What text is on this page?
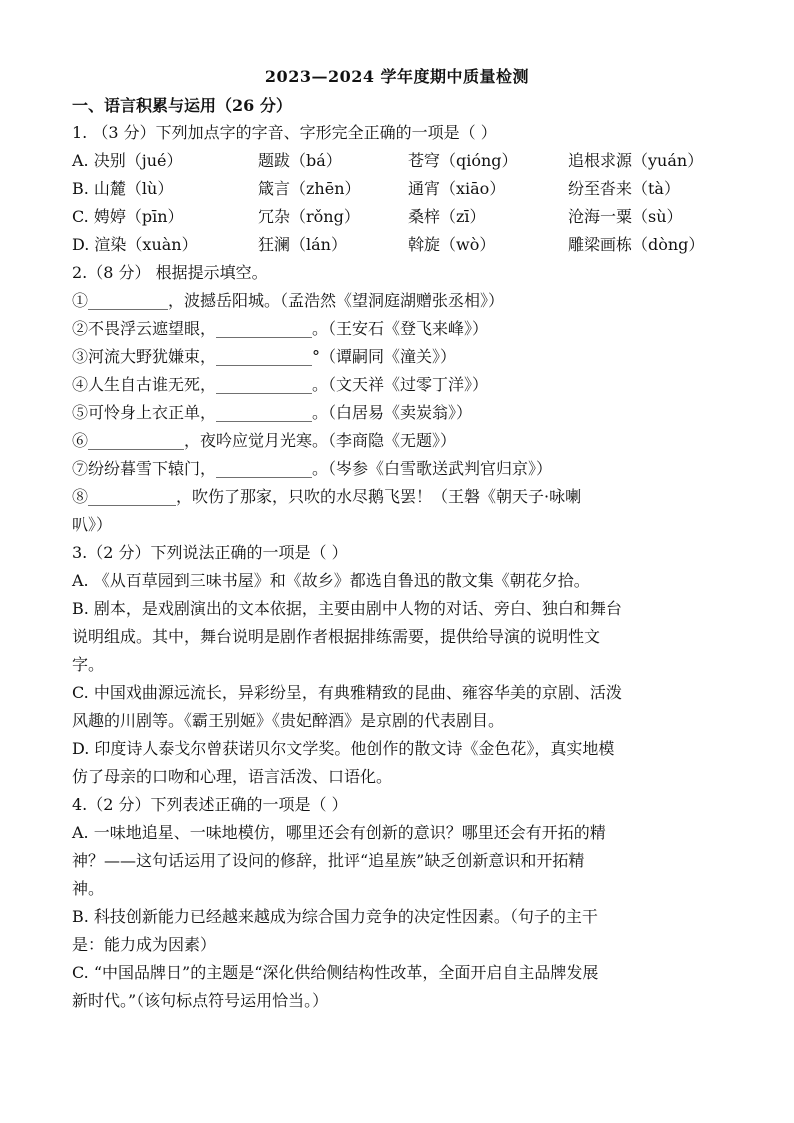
2023—2024 学年度期中质量检测
一、语言积累与运用（26 分）
1. （3 分）下列加点字的字音、字形完全正确的一项是（ ）
A. 决别（jué）	题跋（bá）	苍穹（qióng）	追根求源（yuán）
B. 山麓（lù）	箴言（zhēn）	通宵（xiāo）	纷至沓来（tà）
C. 娉婷（pīn）	冗杂（rǒng）	桑梓（zī）	沧海一粟（sù）
D. 渲染（xuàn）	狂澜（lán）	斡旋（wò）	雕梁画栋（dòng）
2.（8 分） 根据提示填空。
①__________，波撼岳阳城。（孟浩然《望洞庭湖赠张丞相》）
②不畏浮云遮望眼，____________。（王安石《登飞来峰》）
③河流大野犹嫌束，____________°（谭嗣同《潼关》）
④人生自古谁无死，____________。（文天祥《过零丁洋》）
⑤可怜身上衣正单，____________。（白居易《卖炭翁》）
⑥____________，夜吟应觉月光寒。（李商隐《无题》）
⑦纷纷暮雪下辕门，____________。（岑参《白雪歌送武判官归京》）
⑧___________，吹伤了那家，只吹的水尽鹅飞罢！（王磐《朝天子·咏喇
叭》）
3.（2 分）下列说法正确的一项是（ ）
A. 《从百草园到三味书屋》和《故乡》都选自鲁迅的散文集《朝花夕拾。
B. 剧本，是戏剧演出的文本依据，主要由剧中人物的对话、旁白、独白和舞台
说明组成。其中，舞台说明是剧作者根据排练需要，提供给导演的说明性文
字。
C. 中国戏曲源远流长，异彩纷呈，有典雅精致的昆曲、雍容华美的京剧、活泼
风趣的川剧等。《霸王别姬》《贵妃醉酒》是京剧的代表剧目。
D. 印度诗人泰戈尔曾获诺贝尔文学奖。他创作的散文诗《金色花》，真实地模
仿了母亲的口吻和心理，语言活泼、口语化。
4.（2 分）下列表述正确的一项是（ ）
A. 一味地追星、一味地模仿，哪里还会有创新的意识？哪里还会有开拓的精
神？——这句话运用了设问的修辞，批评“追星族”缺乏创新意识和开拓精
神。
B. 科技创新能力已经越来越成为综合国力竞争的决定性因素。（句子的主干
是：能力成为因素）
C. “中国品牌日”的主题是“深化供给侧结构性改革，全面开启自主品牌发展
新时代。”（该句标点符号运用恰当。）
